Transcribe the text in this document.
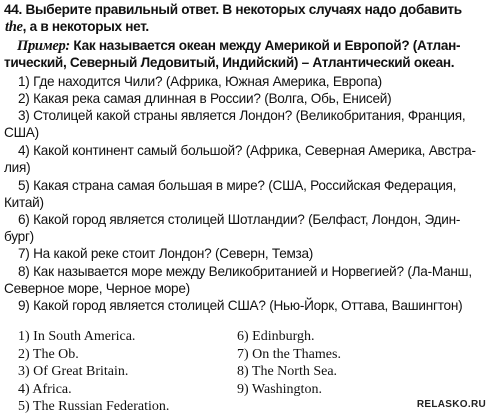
44. Выберите правильный ответ. В некоторых случаях надо добавить
the, а в некоторых нет.
Пример: Как называется океан между Америкой и Европой? (Атлан-
тический, Северный Ледовитый, Индийский) – Атлантический океан.
1) Где находится Чили? (Африка, Южная Америка, Европа)
2) Какая река самая длинная в России? (Волга, Обь, Енисей)
3) Столицей какой страны является Лондон? (Великобритания, Франция,
США)
4) Какой континент самый большой? (Африка, Северная Америка, Австра-
лия)
5) Какая страна самая большая в мире? (США, Российская Федерация,
Китай)
6) Какой город является столицей Шотландии? (Белфаст, Лондон, Эдин-
бург)
7) На какой реке стоит Лондон? (Северн, Темза)
8) Как называется море между Великобританией и Норвегией? (Ла-Манш,
Северное море, Черное море)
9) Какой город является столицей США? (Нью-Йорк, Оттава, Вашингтон)
1) In South America.
2) The Ob.
3) Of Great Britain.
4) Africa.
5) The Russian Federation.
6) Edinburgh.
7) On the Thames.
8) The North Sea.
9) Washington.
RELASKO.RU
